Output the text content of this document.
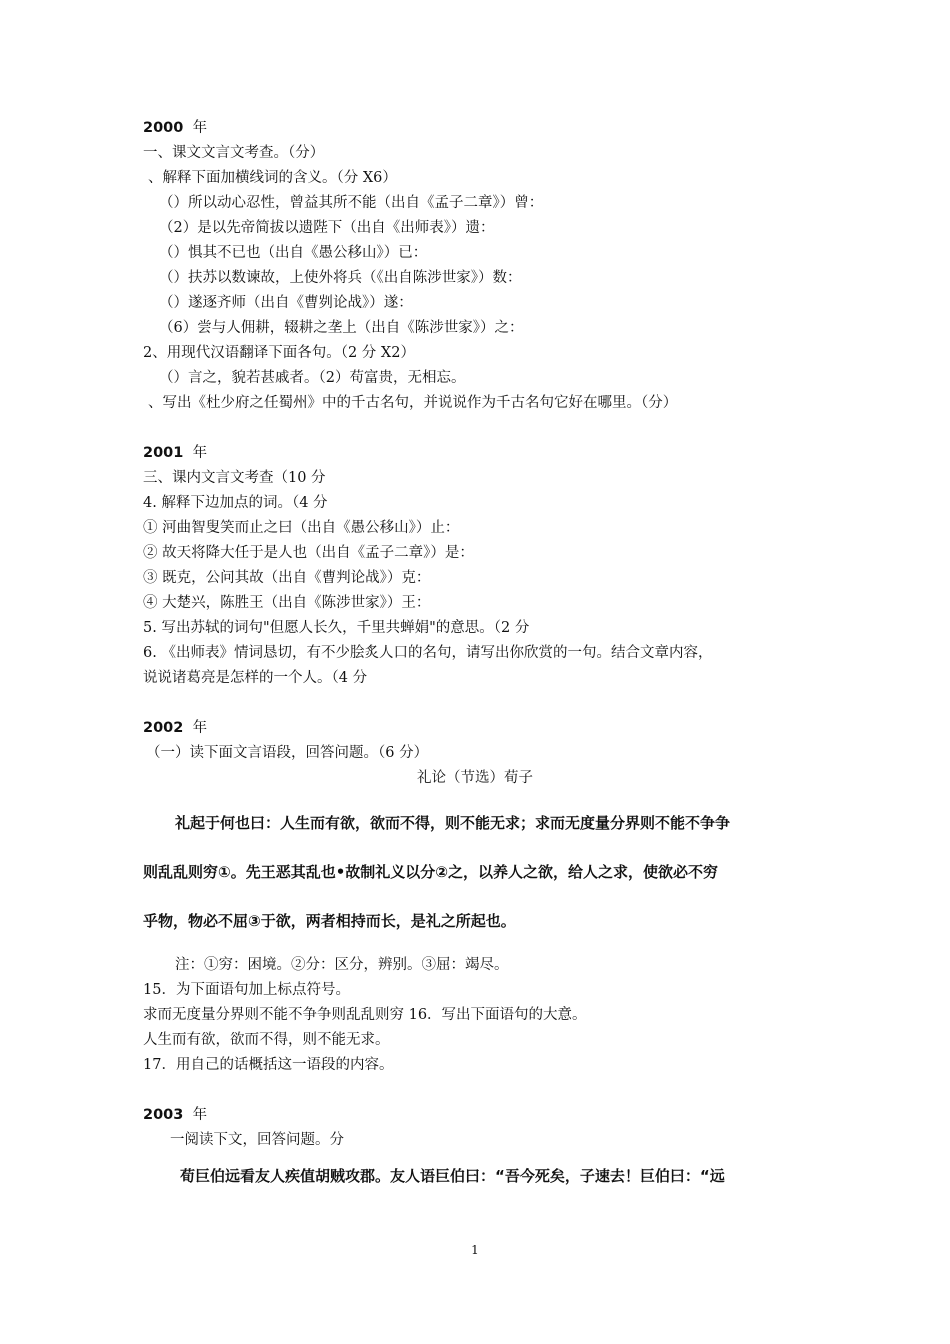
2000 年
一、课文文言文考查。（分）
、解释下面加横线词的含义。（分 X6）
（）所以动心忍性，曾益其所不能（出自《孟子二章》）曾：
（2）是以先帝简拔以遗陛下（出自《出师表》）遗：
（）惧其不已也（出自《愚公移山》）已：
（）扶苏以数谏故，上使外将兵（《出自陈涉世家》）数：
（）遂逐齐师（出自《曹刿论战》）遂：
（6）尝与人佣耕，辍耕之垄上（出自《陈涉世家》）之：
2、用现代汉语翻译下面各句。（2 分 X2）
（）言之，貌若甚戚者。（2）苟富贵，无相忘。
、写出《杜少府之任蜀州》中的千古名句，并说说作为千古名句它好在哪里。（分）
2001 年
三、课内文言文考查（10 分
4. 解释下边加点的词。（4 分
① 河曲智叟笑而止之曰（出自《愚公移山》）止：
② 故天将降大任于是人也（出自《孟子二章》）是：
③ 既克，公问其故（出自《曹判论战》）克：
④ 大楚兴，陈胜王（出自《陈涉世家》）王：
5. 写出苏轼的词句"但愿人长久，千里共蝉娟"的意思。（2 分
6. 《出师表》情词恳切，有不少脍炙人口的名句，请写出你欣赏的一句。结合文章内容，
说说诸葛亮是怎样的一个人。（4 分
2002 年
（一）读下面文言语段，回答问题。（6 分）
礼论（节选）荀子
礼起于何也曰：人生而有欲，欲而不得，则不能无求；求而无度量分界则不能不争争
则乱乱则穷①。先王恶其乱也•故制礼义以分②之，以养人之欲，给人之求，使欲必不穷
乎物，物必不屈③于欲，两者相持而长，是礼之所起也。
注：①穷：困境。②分：区分，辨别。③屈：竭尽。
15．为下面语句加上标点符号。
求而无度量分界则不能不争争则乱乱则穷 16．写出下面语句的大意。
人生而有欲，欲而不得，则不能无求。
17．用自己的话概括这一语段的内容。
2003 年
一阅读下文，回答问题。分
荀巨伯远看友人疾值胡贼攻郡。友人语巨伯曰：“吾今死矣，子速去！巨伯曰：“远
1
